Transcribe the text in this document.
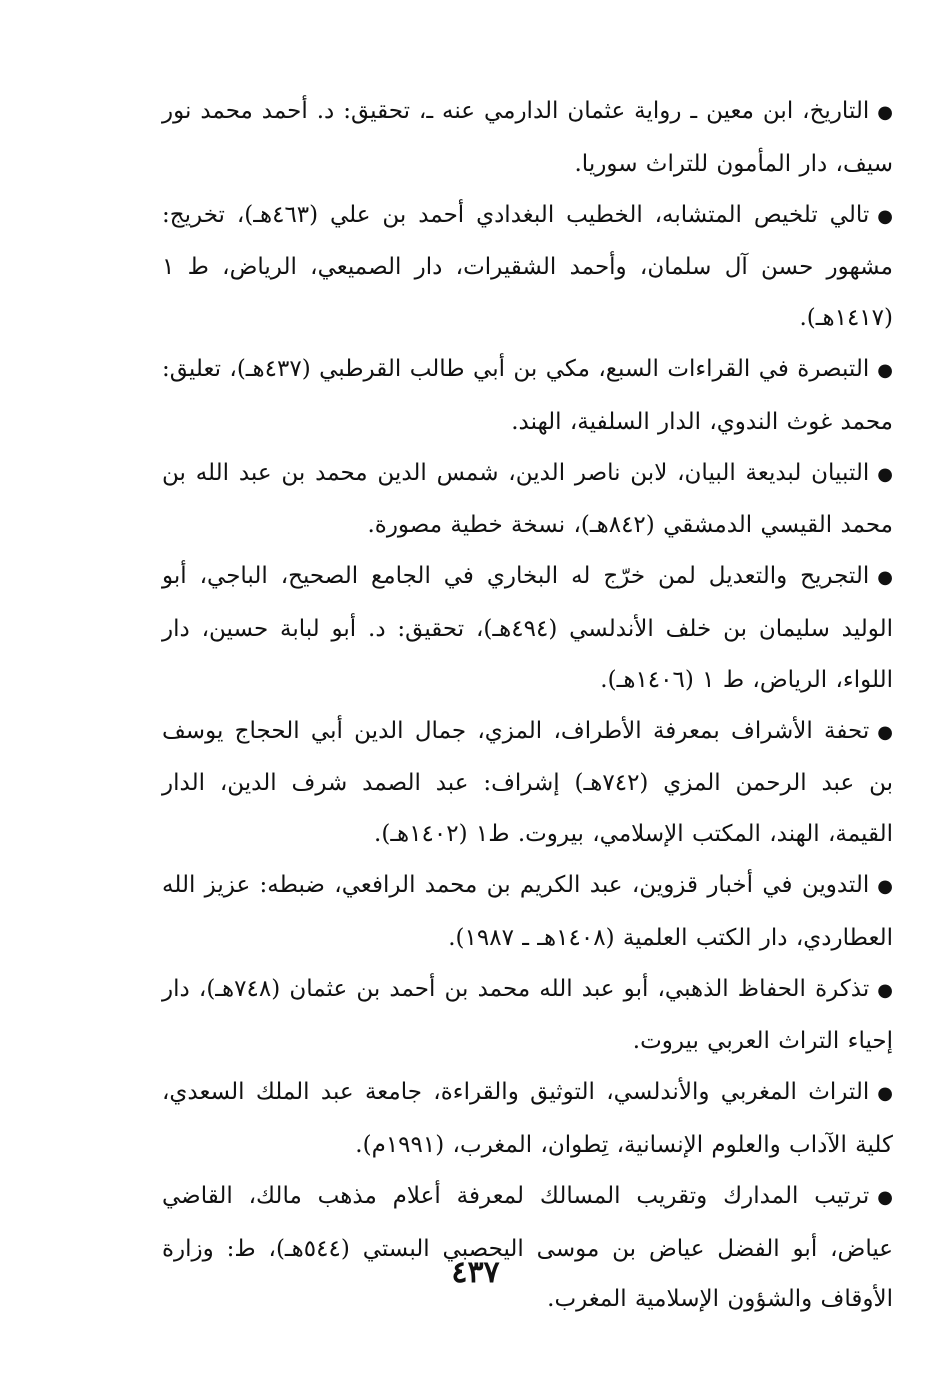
●التاريخ، ابن معين ـ رواية عثمان الدارمي عنه ـ، تحقيق: د. أحمد محمد نور سيف، دار المأمون للتراث سوريا.

●تالي تلخيص المتشابه، الخطيب البغدادي أحمد بن علي (٤٦٣هـ)، تخريج: مشهور حسن آل سلمان، وأحمد الشقيرات، دار الصميعي، الرياض، ط ١ (١٤١٧هـ).

●التبصرة في القراءات السبع، مكي بن أبي طالب القرطبي (٤٣٧هـ)، تعليق: محمد غوث الندوي، الدار السلفية، الهند.

●التبيان لبديعة البيان، لابن ناصر الدين، شمس الدين محمد بن عبد الله بن محمد القيسي الدمشقي (٨٤٢هـ)، نسخة خطية مصورة.

●التجريح والتعديل لمن خرّج له البخاري في الجامع الصحيح، الباجي، أبو الوليد سليمان بن خلف الأندلسي (٤٩٤هـ)، تحقيق: د. أبو لبابة حسين، دار اللواء، الرياض، ط ١ (١٤٠٦هـ).

●تحفة الأشراف بمعرفة الأطراف، المزي، جمال الدين أبي الحجاج يوسف بن عبد الرحمن المزي (٧٤٢هـ) إشراف: عبد الصمد شرف الدين، الدار القيمة، الهند، المكتب الإسلامي، بيروت. ط١ (١٤٠٢هـ).

●التدوين في أخبار قزوين، عبد الكريم بن محمد الرافعي، ضبطه: عزيز الله العطاردي، دار الكتب العلمية (١٤٠٨هـ ـ ١٩٨٧).

●تذكرة الحفاظ الذهبي، أبو عبد الله محمد بن أحمد بن عثمان (٧٤٨هـ)، دار إحياء التراث العربي بيروت.

●التراث المغربي والأندلسي، التوثيق والقراءة، جامعة عبد الملك السعدي، كلية الآداب والعلوم الإنسانية، تِطوان، المغرب، (١٩٩١م).

●ترتيب المدارك وتقريب المسالك لمعرفة أعلام مذهب مالك، القاضي عياض، أبو الفضل عياض بن موسى اليحصبي البستي (٥٤٤هـ)، ط: وزارة الأوقاف والشؤون الإسلامية المغرب.

٤٣٧
